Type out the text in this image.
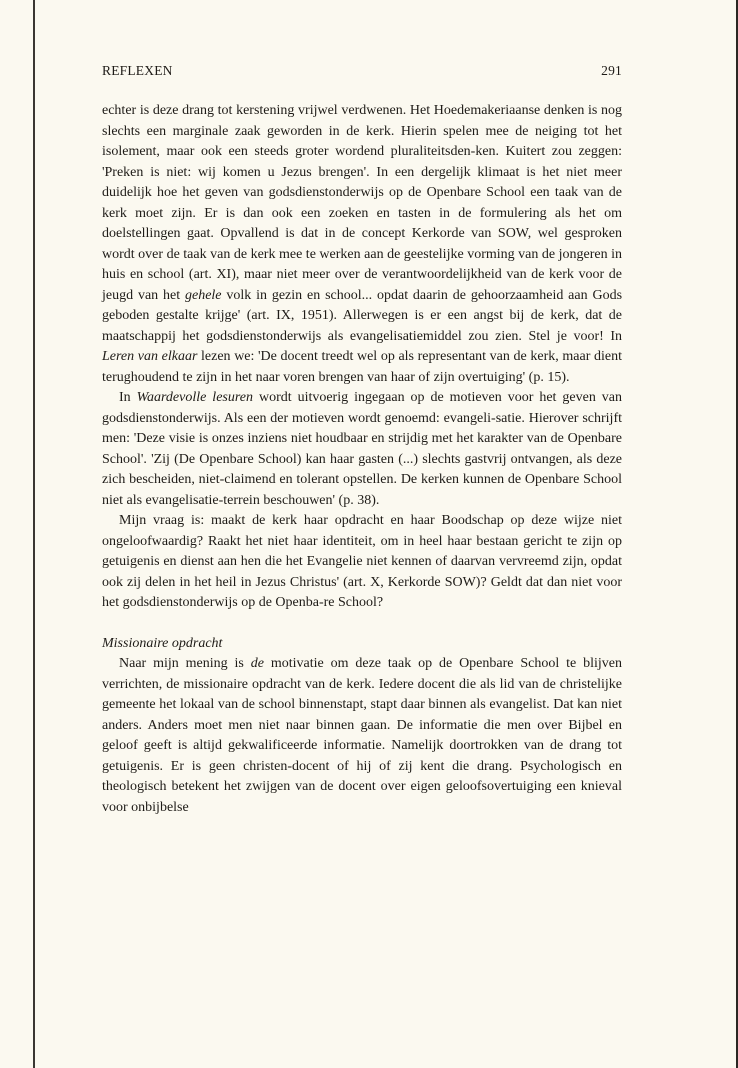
REFLEXEN	291

echter is deze drang tot kerstening vrijwel verdwenen. Het Hoedemakeriaanse denken is nog slechts een marginale zaak geworden in de kerk. Hierin spelen mee de neiging tot het isolement, maar ook een steeds groter wordend pluraliteitsden-ken. Kuitert zou zeggen: 'Preken is niet: wij komen u Jezus brengen'. In een dergelijk klimaat is het niet meer duidelijk hoe het geven van godsdienstonderwijs op de Openbare School een taak van de kerk moet zijn. Er is dan ook een zoeken en tasten in de formulering als het om doelstellingen gaat. Opvallend is dat in de concept Kerkorde van SOW, wel gesproken wordt over de taak van de kerk mee te werken aan de geestelijke vorming van de jongeren in huis en school (art. XI), maar niet meer over de verantwoordelijkheid van de kerk voor de jeugd van het gehele volk in gezin en school... opdat daarin de gehoorzaamheid aan Gods geboden gestalte krijge' (art. IX, 1951). Allerwegen is er een angst bij de kerk, dat de maatschappij het godsdienstonderwijs als evangelisatiemiddel zou zien. Stel je voor! In Leren van elkaar lezen we: 'De docent treedt wel op als representant van de kerk, maar dient terughoudend te zijn in het naar voren brengen van haar of zijn overtuiging' (p. 15).

In Waardevolle lesuren wordt uitvoerig ingegaan op de motieven voor het geven van godsdienstonderwijs. Als een der motieven wordt genoemd: evangeli-satie. Hierover schrijft men: 'Deze visie is onzes inziens niet houdbaar en strijdig met het karakter van de Openbare School'. 'Zij (De Openbare School) kan haar gasten (...) slechts gastvrij ontvangen, als deze zich bescheiden, niet-claimend en tolerant opstellen. De kerken kunnen de Openbare School niet als evangelisatie-terrein beschouwen' (p. 38).

Mijn vraag is: maakt de kerk haar opdracht en haar Boodschap op deze wijze niet ongeloofwaardig? Raakt het niet haar identiteit, om in heel haar bestaan gericht te zijn op getuigenis en dienst aan hen die het Evangelie niet kennen of daarvan vervreemd zijn, opdat ook zij delen in het heil in Jezus Christus' (art. X, Kerkorde SOW)? Geldt dat dan niet voor het godsdienstonderwijs op de Openba-re School?

Missionaire opdracht

Naar mijn mening is de motivatie om deze taak op de Openbare School te blijven verrichten, de missionaire opdracht van de kerk. Iedere docent die als lid van de christelijke gemeente het lokaal van de school binnenstapt, stapt daar binnen als evangelist. Dat kan niet anders. Anders moet men niet naar binnen gaan. De informatie die men over Bijbel en geloof geeft is altijd gekwalificeerde informatie. Namelijk doortrokken van de drang tot getuigenis. Er is geen christen-docent of hij of zij kent die drang. Psychologisch en theologisch betekent het zwijgen van de docent over eigen geloofsovertuiging een knieval voor onbijbelse
